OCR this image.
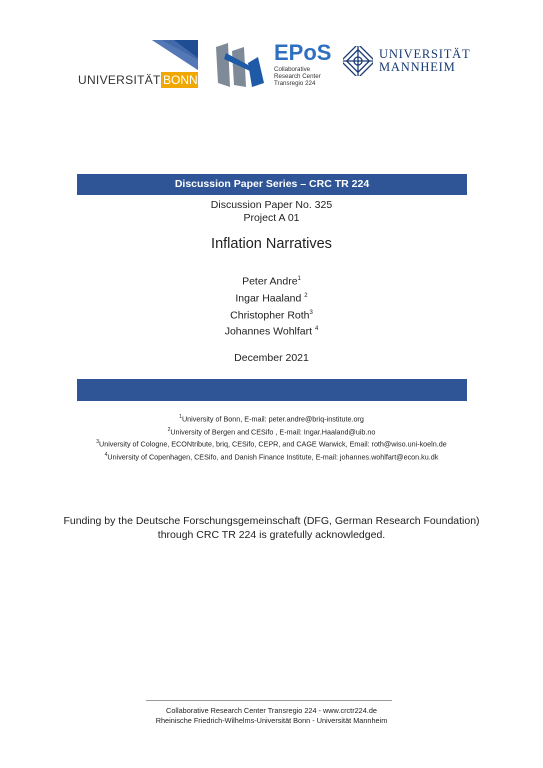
UNIVERSITÄT BONN
EPoS
Collaborative
Research Center
Transregio 224
UNIVERSITÄT
MANNHEIM
Discussion Paper Series – CRC TR 224
Discussion Paper No. 325
Project A 01
Inflation Narratives
Peter Andre$^1$
Ingar Haaland $^2$
Christopher Roth$^3$
Johannes Wohlfart $^4$
December 2021
$^1$University of Bonn, E-mail: peter.andre@briq-institute.org
$^2$University of Bergen and CESifo , E-mail: Ingar.Haaland@uib.no
$^3$University of Cologne, ECONtribute, briq, CESifo, CEPR, and CAGE Warwick, Email: roth@wiso.uni-koeln.de
$^4$University of Copenhagen, CESifo, and Danish Finance Institute, E-mail: johannes.wohlfart@econ.ku.dk
Funding by the Deutsche Forschungsgemeinschaft (DFG, German Research Foundation)
through CRC TR 224 is gratefully acknowledged.
Collaborative Research Center Transregio 224 - www.crctr224.de
Rheinische Friedrich-Wilhelms-Universität Bonn - Universität Mannheim
